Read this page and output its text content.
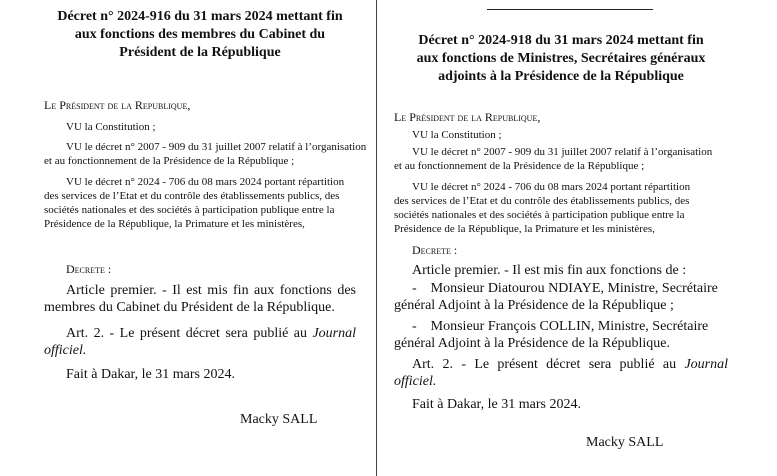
Décret n° 2024-916 du 31 mars 2024 mettant fin
aux fonctions des membres du Cabinet du
Président de la République
Le Président de la Republique,
VU la Constitution ;
VU le décret n° 2007 - 909 du 31 juillet 2007 relatif à l’organisation
et au fonctionnement de la Présidence de la République ;
VU le décret n° 2024 - 706 du 08 mars 2024 portant répartition
des services de l’Etat et du contrôle des établissements publics, des
sociétés nationales et des sociétés à participation publique entre la
Présidence de la République, la Primature et les ministères,
Decrete :
Article premier. - Il est mis fin aux fonctions des
membres du Cabinet du Président de la République.
Art. 2. - Le présent décret sera publié au Journal
officiel.
Fait à Dakar, le 31 mars 2024.
Macky SALL
Décret n° 2024-918 du 31 mars 2024 mettant fin
aux fonctions de Ministres, Secrétaires généraux
adjoints à la Présidence de la République
Le Président de la Republique,
VU la Constitution ;
VU le décret n° 2007 - 909 du 31 juillet 2007 relatif à l’organisation
et au fonctionnement de la Présidence de la République ;
VU le décret n° 2024 - 706 du 08 mars 2024 portant répartition
des services de l’Etat et du contrôle des établissements publics, des
sociétés nationales et des sociétés à participation publique entre la
Présidence de la République, la Primature et les ministères,
Decrete :
Article premier. - Il est mis fin aux fonctions de :
-    Monsieur Diatourou NDIAYE, Ministre, Secrétaire
général Adjoint à la Présidence de la République ;
-    Monsieur François COLLIN, Ministre, Secrétaire
général Adjoint à la Présidence de la République.
Art. 2. - Le présent décret sera publié au Journal
officiel.
Fait à Dakar, le 31 mars 2024.
Macky SALL
